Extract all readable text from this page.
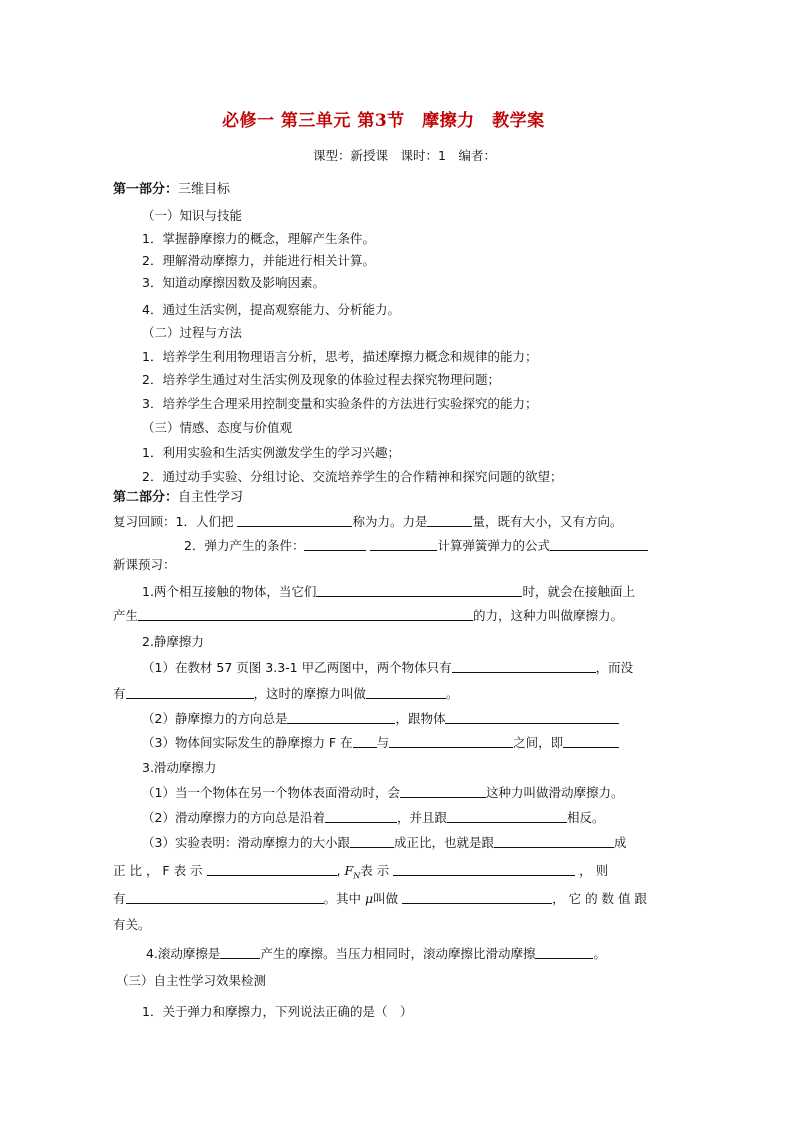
必修一 第三单元 第3节　摩擦力　教学案
课型：新授课　课时：1　编者：
第一部分：三维目标
（一）知识与技能
1．掌握静摩擦力的概念，理解产生条件。
2．理解滑动摩擦力，并能进行相关计算。
3．知道动摩擦因数及影响因素。
4．通过生活实例，提高观察能力、分析能力。
（二）过程与方法
1．培养学生利用物理语言分析，思考，描述摩擦力概念和规律的能力；
2．培养学生通过对生活实例及现象的体验过程去探究物理问题；
3．培养学生合理采用控制变量和实验条件的方法进行实验探究的能力；
（三）情感、态度与价值观
1．利用实验和生活实例激发学生的学习兴趣；
2．通过动手实验、分组讨论、交流培养学生的合作精神和探究问题的欲望；
第二部分：自主性学习
复习回顾：1．人们把	称为力。力是	量，既有大小，又有方向。
2．弹力产生的条件：	计算弹簧弹力的公式
新课预习：
1.两个相互接触的物体，当它们	时，就会在接触面上
产生	的力，这种力叫做摩擦力。
2.静摩擦力
（1）在教材 57 页图 3.3-1 甲乙两图中，两个物体只有	，而没
有	，这时的摩擦力叫做	。
（2）静摩擦力的方向总是	，跟物体
（3）物体间实际发生的静摩擦力 F 在 与	之间，即
3.滑动摩擦力
（1）当一个物体在另一个物体表面滑动时，会	这种力叫做滑动摩擦力。
（2）滑动摩擦力的方向总是沿着	，并且跟	相反。
（3）实验表明：滑动摩擦力的大小跟	成正比，也就是跟	成
正 比 ， F 表 示	, $F_N$表 示	， 则
有	。其中 μ叫做	， 它 的 数 值 跟
有关。
4.滚动摩擦是	产生的摩擦。当压力相同时，滚动摩擦比滑动摩擦	。
（三）自主性学习效果检测
1．关于弹力和摩擦力，下列说法正确的是（　）
